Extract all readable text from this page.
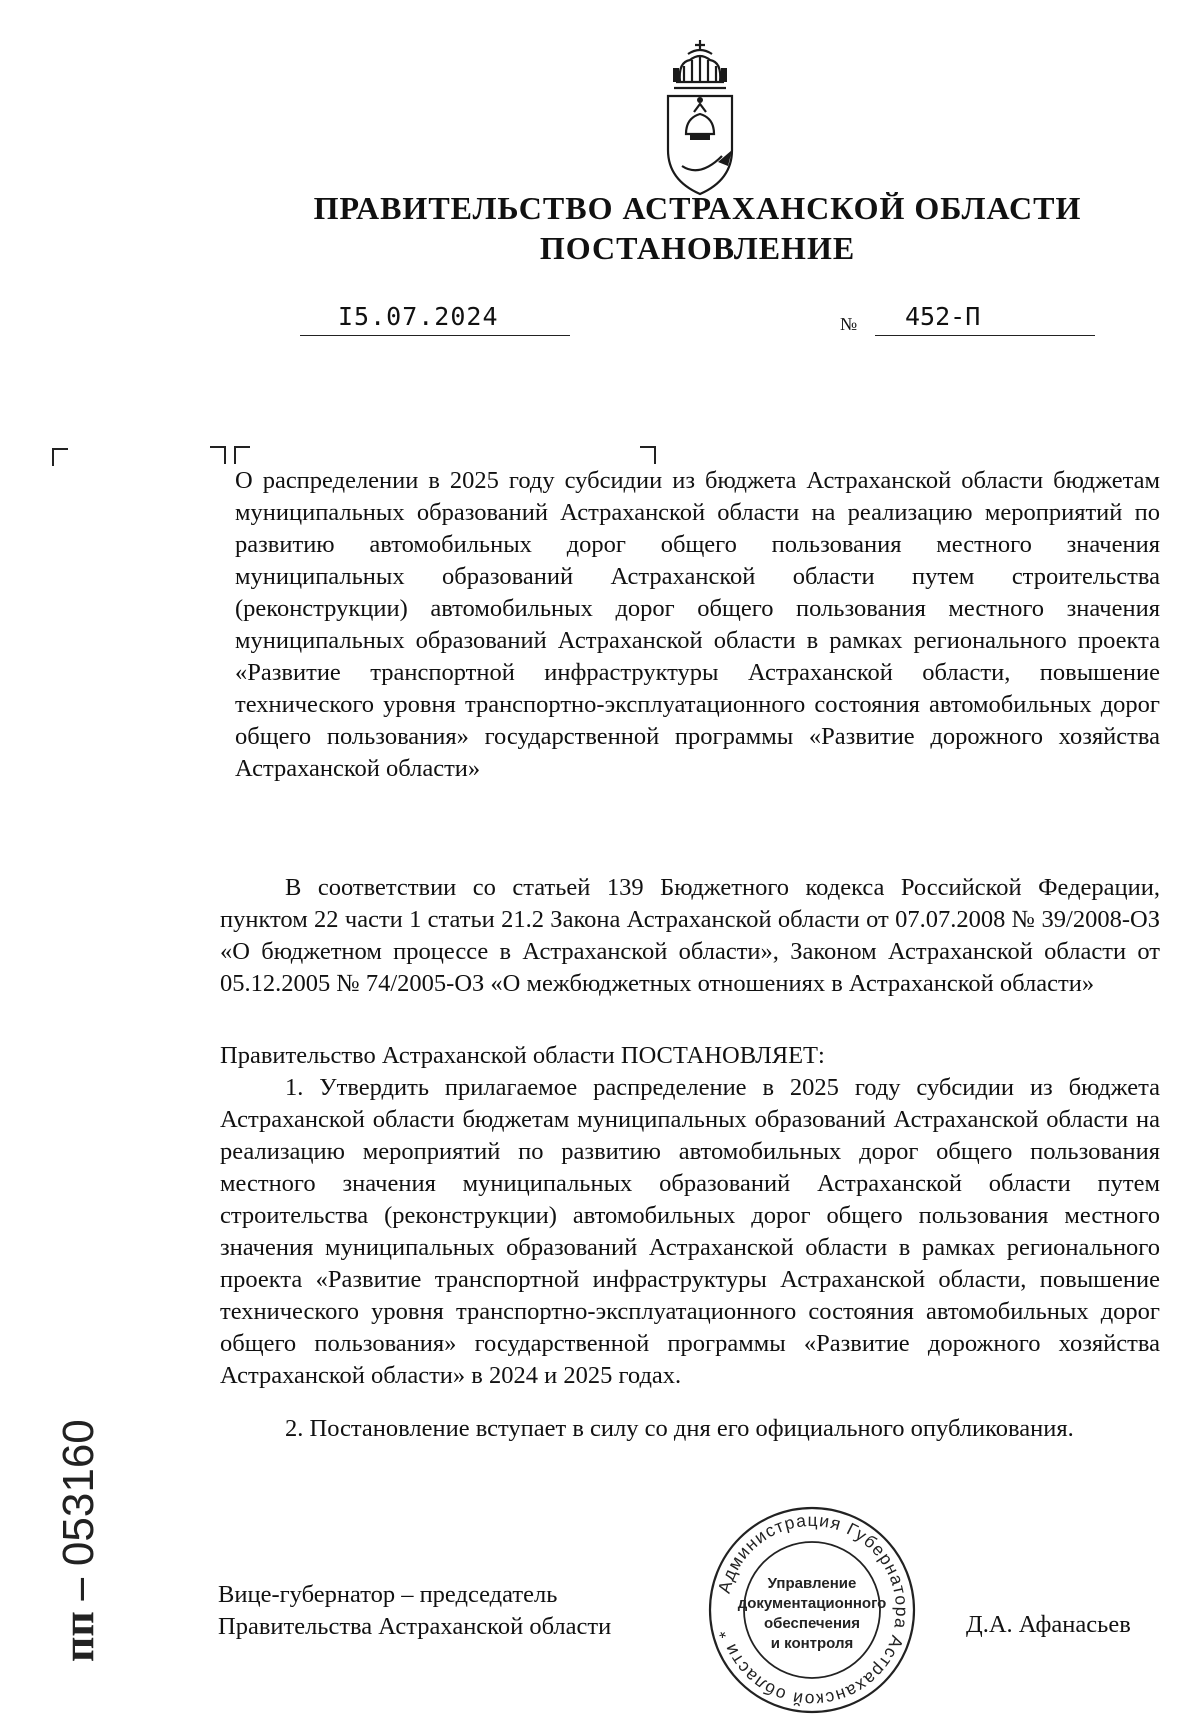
ПРАВИТЕЛЬСТВО АСТРАХАНСКОЙ ОБЛАСТИ
ПОСТАНОВЛЕНИЕ
I5.07.2024	№	452-П
О распределении в 2025 году субсидии из бюджета Астраханской области бюджетам муниципальных образований Астраханской области на реализацию мероприятий по развитию автомобильных дорог общего пользования местного значения муниципальных образований Астраханской области путем строительства (реконструкции) автомобильных дорог общего пользования местного значения муниципальных образований Астраханской области в рамках регионального проекта «Развитие транспортной инфраструктуры Астраханской области, повышение технического уровня транспортно-эксплуатационного состояния автомобильных дорог общего пользования» государственной программы «Развитие дорожного хозяйства Астраханской области»
В соответствии со статьей 139 Бюджетного кодекса Российской Федерации, пунктом 22 части 1 статьи 21.2 Закона Астраханской области от 07.07.2008 № 39/2008-ОЗ «О бюджетном процессе в Астраханской области», Законом Астраханской области от 05.12.2005 № 74/2005-ОЗ «О межбюджетных отношениях в Астраханской области»
Правительство Астраханской области ПОСТАНОВЛЯЕТ:
1. Утвердить прилагаемое распределение в 2025 году субсидии из бюджета Астраханской области бюджетам муниципальных образований Астраханской области на реализацию мероприятий по развитию автомобильных дорог общего пользования местного значения муниципальных образований Астраханской области путем строительства (реконструкции) автомобильных дорог общего пользования местного значения муниципальных образований Астраханской области в рамках регионального проекта «Развитие транспортной инфраструктуры Астраханской области, повышение технического уровня транспортно-эксплуатационного состояния автомобильных дорог общего пользования» государственной программы «Развитие дорожного хозяйства Астраханской области» в 2024 и 2025 годах.
2. Постановление вступает в силу со дня его официального опубликования.
Вице-губернатор – председатель
Правительства Астраханской области
Администрация Губернатора Астраханской области *
Управление
документационного
обеспечения
и контроля
Д.А. Афанасьев
пп – 053160
